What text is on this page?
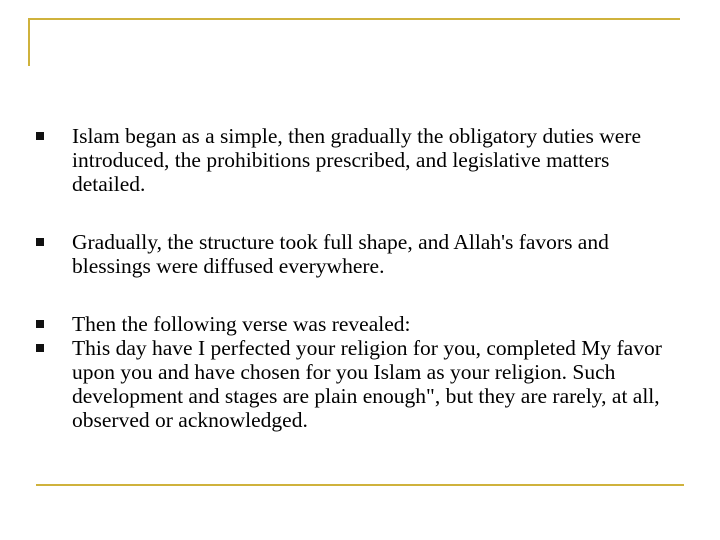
Islam began as a simple, then gradually the obligatory duties were introduced, the prohibitions prescribed, and legislative matters detailed.
Gradually, the structure took full shape, and Allah's favors and blessings were diffused everywhere.
Then the following verse was revealed:
This day have I perfected your religion for you, completed My favor upon you and have chosen for you Islam as your religion. Such development and stages are plain enough", but they are rarely, at all, observed or acknowledged.
